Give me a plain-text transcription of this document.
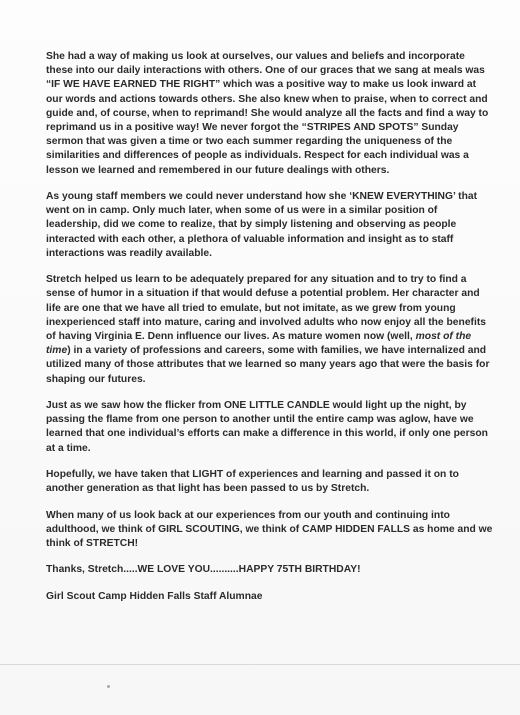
She had a way of making us look at ourselves, our values and beliefs and incorporate these into our daily interactions with others. One of our graces that we sang at meals was “IF WE HAVE EARNED THE RIGHT” which was a positive way to make us look inward at our words and actions towards others. She also knew when to praise, when to correct and guide and, of course, when to reprimand! She would analyze all the facts and find a way to reprimand us in a positive way! We never forgot the “STRIPES AND SPOTS” Sunday sermon that was given a time or two each summer regarding the uniqueness of the similarities and differences of people as individuals. Respect for each individual was a lesson we learned and remembered in our future dealings with others.

As young staff members we could never understand how she ‘KNEW EVERYTHING’ that went on in camp. Only much later, when some of us were in a similar position of leadership, did we come to realize, that by simply listening and observing as people interacted with each other, a plethora of valuable information and insight as to staff interactions was readily available.

Stretch helped us learn to be adequately prepared for any situation and to try to find a sense of humor in a situation if that would defuse a potential problem. Her character and life are one that we have all tried to emulate, but not imitate, as we grew from young inexperienced staff into mature, caring and involved adults who now enjoy all the benefits of having Virginia E. Denn influence our lives. As mature women now (well, most of the time) in a variety of professions and careers, some with families, we have internalized and utilized many of those attributes that we learned so many years ago that were the basis for shaping our futures.

Just as we saw how the flicker from ONE LITTLE CANDLE would light up the night, by passing the flame from one person to another until the entire camp was aglow, have we learned that one individual’s efforts can make a difference in this world, if only one person at a time.

Hopefully, we have taken that LIGHT of experiences and learning and passed it on to another generation as that light has been passed to us by Stretch.

When many of us look back at our experiences from our youth and continuing into adulthood, we think of GIRL SCOUTING, we think of CAMP HIDDEN FALLS as home and we think of STRETCH!

Thanks, Stretch.....WE LOVE YOU..........HAPPY 75TH BIRTHDAY!

Girl Scout Camp Hidden Falls Staff Alumnae
